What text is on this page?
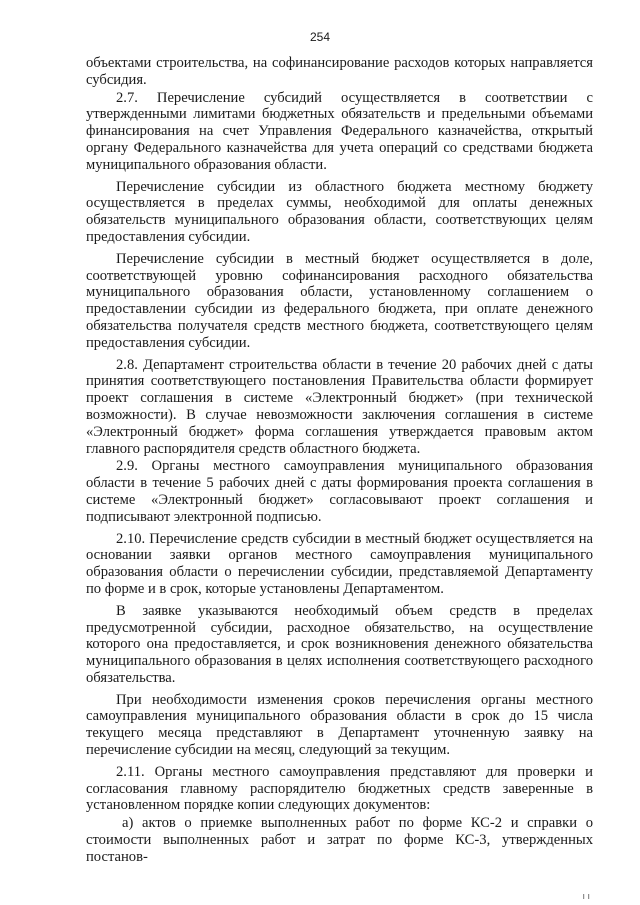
254

объектами строительства, на софинансирование расходов которых направляется субсидия.

2.7. Перечисление субсидий осуществляется в соответствии с утвержденными лимитами бюджетных обязательств и предельными объемами финансирования на счет Управления Федерального казначейства, открытый органу Федерального казначейства для учета операций со средствами бюджета муниципального образования области.

Перечисление субсидии из областного бюджета местному бюджету осуществляется в пределах суммы, необходимой для оплаты денежных обязательств муниципального образования области, соответствующих целям предоставления субсидии.

Перечисление субсидии в местный бюджет осуществляется в доле, соответствующей уровню софинансирования расходного обязательства муниципального образования области, установленному соглашением о предоставлении субсидии из федерального бюджета, при оплате денежного обязательства получателя средств местного бюджета, соответствующего целям предоставления субсидии.

2.8. Департамент строительства области в течение 20 рабочих дней с даты принятия соответствующего постановления Правительства области формирует проект соглашения в системе «Электронный бюджет» (при технической возможности). В случае невозможности заключения соглашения в системе «Электронный бюджет» форма соглашения утверждается правовым актом главного распорядителя средств областного бюджета.

2.9. Органы местного самоуправления муниципального образования области в течение 5 рабочих дней с даты формирования проекта соглашения в системе «Электронный бюджет» согласовывают проект соглашения и подписывают электронной подписью.

2.10. Перечисление средств субсидии в местный бюджет осуществляется на основании заявки органов местного самоуправления муниципального образования области о перечислении субсидии, представляемой Департаменту по форме и в срок, которые установлены Департаментом.

В заявке указываются необходимый объем средств в пределах предусмотренной субсидии, расходное обязательство, на осуществление которого она предоставляется, и срок возникновения денежного обязательства муниципального образования в целях исполнения соответствующего расходного обязательства.

При необходимости изменения сроков перечисления органы местного самоуправления муниципального образования области в срок до 15 числа текущего месяца представляют в Департамент уточненную заявку на перечисление субсидии на месяц, следующий за текущим.

2.11. Органы местного самоуправления представляют для проверки и согласования главному распорядителю бюджетных средств заверенные в установленном порядке копии следующих документов:

а) актов о приемке выполненных работ по форме КС-2 и справки о стоимости выполненных работ и затрат по форме КС-3, утвержденных постанов-

ı ı
